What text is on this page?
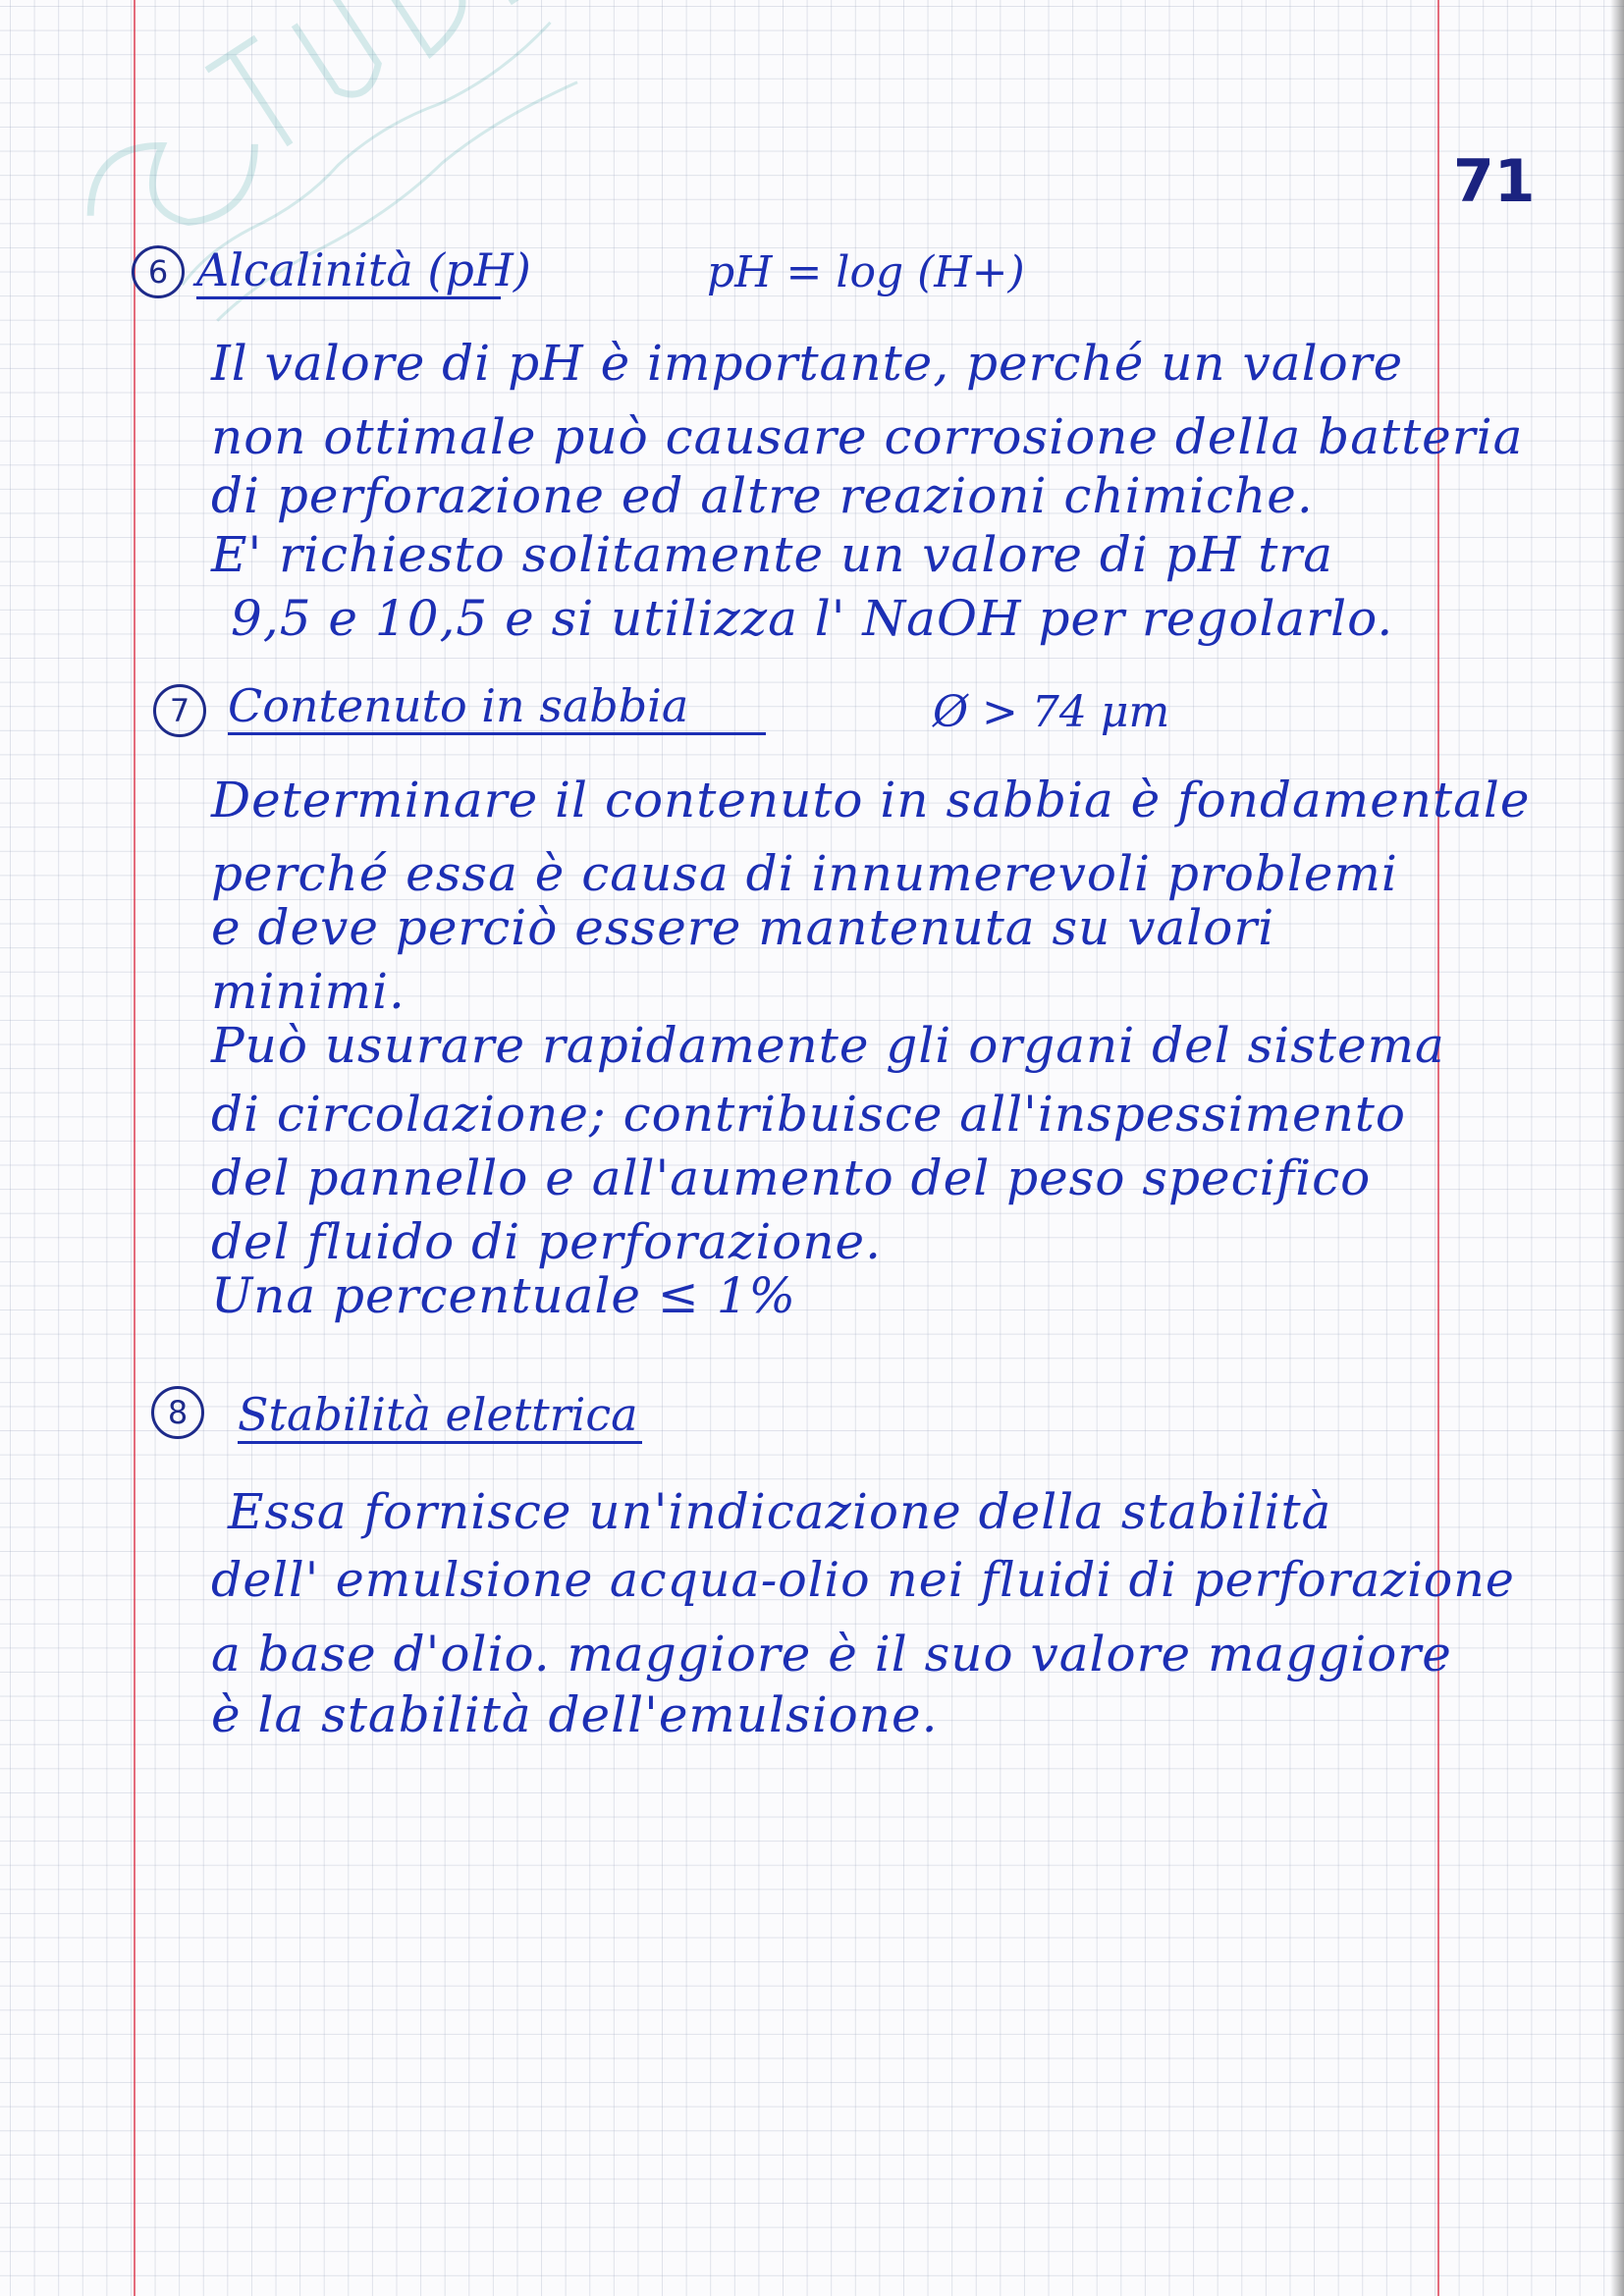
71
6 Alcalinità (pH)	pH = log (H+)
Il valore di pH è importante, perché un valore
non ottimale può causare corrosione della batteria
di perforazione ed altre reazioni chimiche.
E' richiesto solitamente un valore di pH tra
9,5 e 10,5 e si utilizza l' NaOH per regolarlo.
7 Contenuto in sabbia	Ø > 74 μm
Determinare il contenuto in sabbia è fondamentale
perché essa è causa di innumerevoli problemi
e deve perciò essere mantenuta su valori
minimi.
Può usurare rapidamente gli organi del sistema
di circolazione; contribuisce all'inspessimento
del pannello e all'aumento del peso specifico
del fluido di perforazione.
Una percentuale ≤ 1%
8	Stabilità elettrica
Essa fornisce un'indicazione della stabilità
dell' emulsione acqua-olio nei fluidi di perforazione
a base d'olio. maggiore è il suo valore maggiore
è la stabilità dell'emulsione.
